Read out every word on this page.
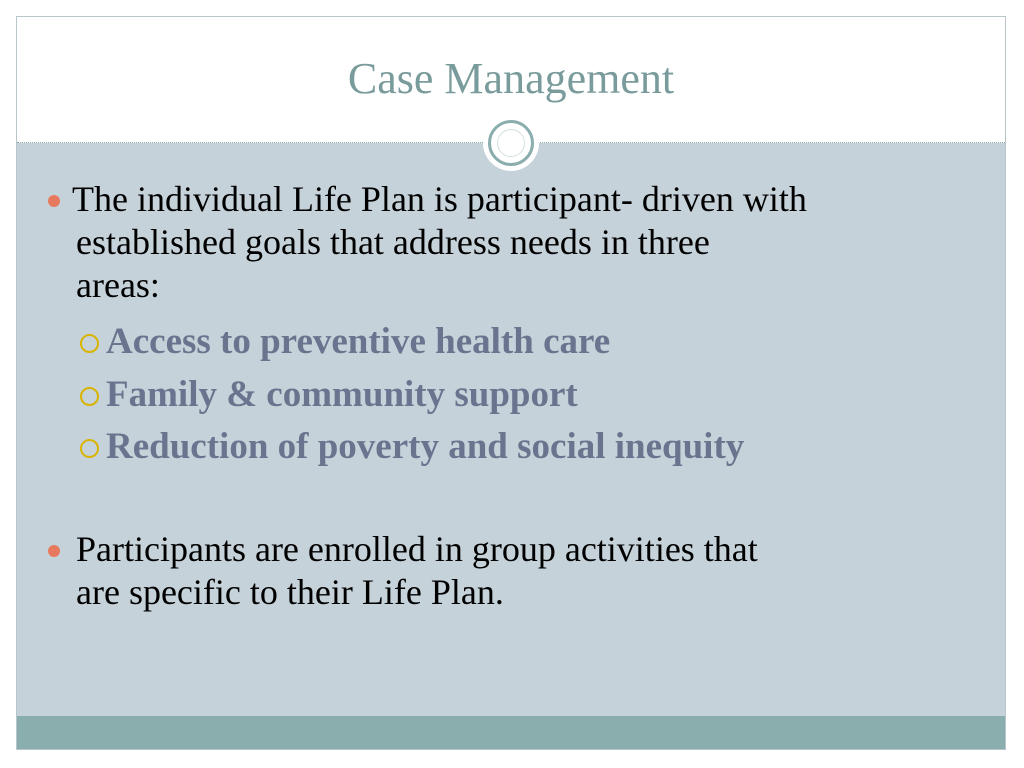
Case Management
The individual Life Plan is participant- driven with
established goals that address needs in three
areas:
Access to preventive health care
Family & community support
Reduction of poverty and social inequity
Participants are enrolled in group activities that
are specific to their Life Plan.
